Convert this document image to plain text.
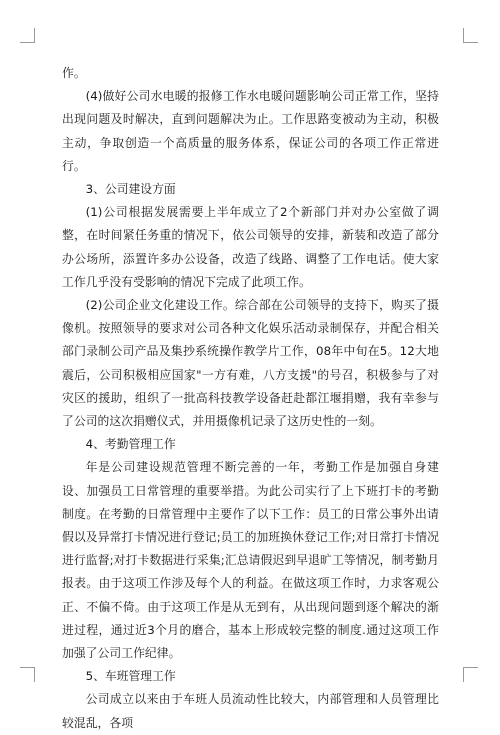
作。

(4)做好公司水电暖的报修工作水电暖问题影响公司正常工作，坚持出现问题及时解决，直到问题解决为止。工作思路变被动为主动，积极主动，争取创造一个高质量的服务体系，保证公司的各项工作正常进行。

3、公司建设方面

(1)公司根据发展需要上半年成立了2个新部门并对办公室做了调整，在时间紧任务重的情况下，依公司领导的安排，新装和改造了部分办公场所，添置许多办公设备，改造了线路、调整了工作电话。使大家工作几乎没有受影响的情况下完成了此项工作。

(2)公司企业文化建设工作。综合部在公司领导的支持下，购买了摄像机。按照领导的要求对公司各种文化娱乐活动录制保存，并配合相关部门录制公司产品及集抄系统操作教学片工作，08年中旬在5。12大地震后，公司积极相应国家"一方有难，八方支援"的号召，积极参与了对灾区的援助，组织了一批高科技教学设备赶赴都江堰捐赠，我有幸参与了公司的这次捐赠仪式，并用摄像机记录了这历史性的一刻。

4、考勤管理工作

年是公司建设规范管理不断完善的一年，考勤工作是加强自身建设、加强员工日常管理的重要举措。为此公司实行了上下班打卡的考勤制度。在考勤的日常管理中主要作了以下工作：员工的日常公事外出请假以及异常打卡情况进行登记;员工的加班换休登记工作;对日常打卡情况进行监督;对打卡数据进行采集;汇总请假迟到早退旷工等情况，制考勤月报表。由于这项工作涉及每个人的利益。在做这项工作时，力求客观公正、不偏不倚。由于这项工作是从无到有，从出现问题到逐个解决的渐进过程，通过近3个月的磨合，基本上形成较完整的制度.通过这项工作加强了公司工作纪律。

5、车班管理工作

公司成立以来由于车班人员流动性比较大，内部管理和人员管理比较混乱，各项
